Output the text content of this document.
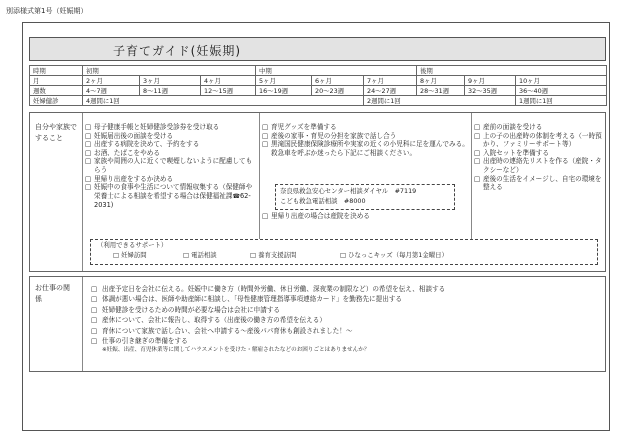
別添様式第1号（妊娠期）
子育てガイド(妊娠期)
時期	初期			中期			後期		
月	2ヶ月	3ヶ月	4ヶ月	5ヶ月	6ヶ月	7ヶ月	8ヶ月	9ヶ月	10ヶ月
週数	4〜7週	8〜11週	12〜15週	16〜19週	20〜23週	24〜27週	28〜31週	32〜35週	36〜40週
妊婦健診	4週間に1回					2週間に1回			1週間に1回
自分や家族ですること
□ 母子健康手帳と妊婦健診受診券を受け取る
□ 妊娠届出後の面談を受ける
□ 出産する病院を決めて、予約をする
□ お酒、たばこをやめる
□ 家族や周囲の人に近くで喫煙しないように配慮してもらう
□ 里帰り出産をするか決める
□ 妊娠中の食事や生活について情報収集する（保健師や栄養士による相談を希望する場合は保健福祉課☎62-2031)
□ 育児グッズを準備する
□ 産後の家事・育児の分担を家族で話し合う
□ 黒滝国民健康保険診療所や実家の近くの小児科に足を運んでみる。
救急車を呼ぶか迷ったら下記にご相談ください。
奈良県救急安心センター相談ダイヤル　#7119
こども救急電話相談　#8000
□ 里帰り出産の場合は産院を決める
□ 産前の面談を受ける
□ 上の子の出産時の体制を考える（一時預かり、ファミリーサポート等）
□ 入院セットを準備する
□ 出産時の連絡先リストを作る（産院・タクシーなど）
□ 産後の生活をイメージし、自宅の環境を整える
（利用できるサポート）
□ 妊婦訪問	□ 電話相談	□ 養育支援訪問	□ ひなっこキッズ（毎月第1金曜日）
お仕事の関係
□ 出産予定日を会社に伝える。妊娠中に働き方（時間外労働、休日労働、深夜業の制限など）の希望を伝え、相談する
□ 体調が悪い場合は、医師や助産師に相談し、「母性健康管理指導事項連絡カード」を勤務先に提出する
□ 妊婦健診を受けるための時間が必要な場合は会社に申請する
□ 産休について、会社に報告し、取得する（出産後の働き方の希望を伝える）
□ 育休について家族で話し合い、会社へ申請する〜産後パパ育休も創設されました！〜
□ 仕事の引き継ぎの準備をする
※妊娠、出産、育児休業等に関してハラスメントを受けた・解雇されたなどのお困りごとはありませんか？
